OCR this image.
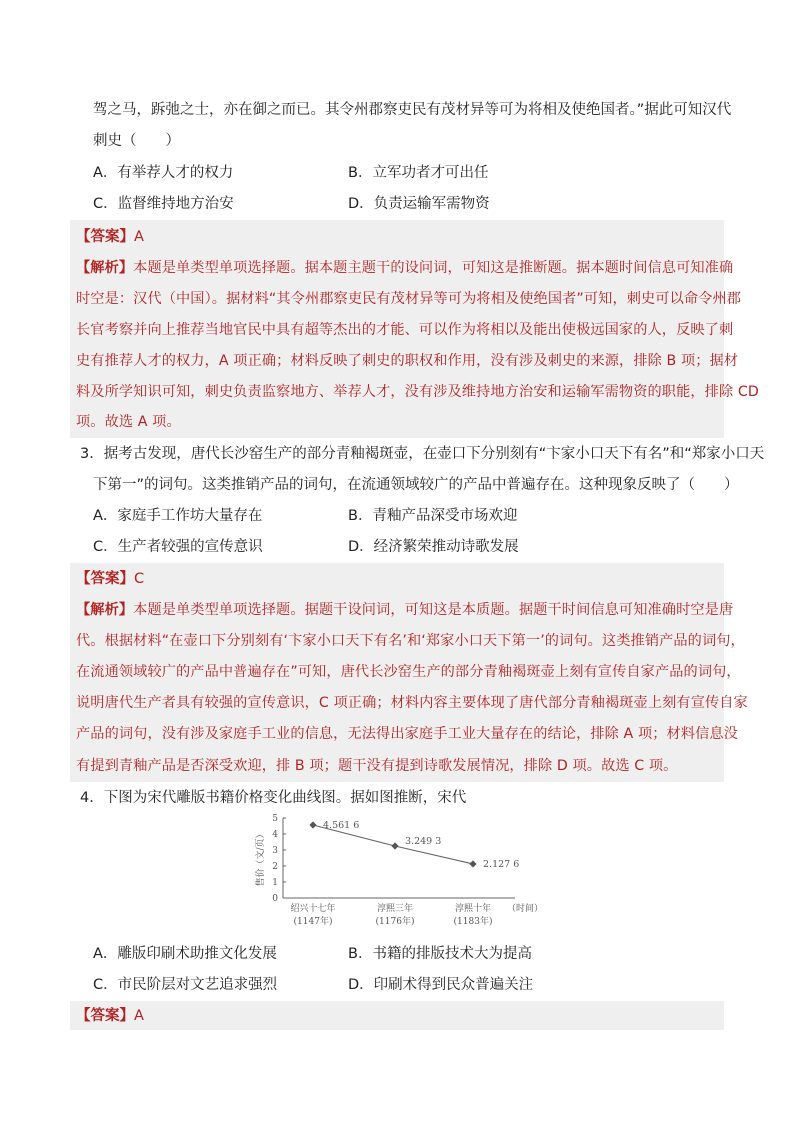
驾之马，跅弛之士，亦在御之而已。其令州郡察吏民有茂材异等可为将相及使绝国者。”据此可知汉代
刺史（　　）
A．有举荐人才的权力	B．立军功者才可出任
C．监督维持地方治安	D．负责运输军需物资
【答案】A
【解析】本题是单类型单项选择题。据本题主题干的设问词，可知这是推断题。据本题时间信息可知准确
时空是：汉代（中国）。据材料“其令州郡察吏民有茂材异等可为将相及使绝国者”可知，刺史可以命令州郡
长官考察并向上推荐当地官民中具有超等杰出的才能、可以作为将相以及能出使极远国家的人，反映了刺
史有推荐人才的权力，A 项正确；材料反映了刺史的职权和作用，没有涉及刺史的来源，排除 B 项；据材
料及所学知识可知，刺史负责监察地方、举荐人才，没有涉及维持地方治安和运输军需物资的职能，排除 CD
项。故选 A 项。
3．据考古发现，唐代长沙窑生产的部分青釉褐斑壶，在壶口下分别刻有“卞家小口天下有名”和“郑家小口天
下第一”的词句。这类推销产品的词句，在流通领域较广的产品中普遍存在。这种现象反映了（　　）
A．家庭手工作坊大量存在	B．青釉产品深受市场欢迎
C．生产者较强的宣传意识	D．经济繁荣推动诗歌发展
【答案】C
【解析】本题是单类型单项选择题。据题干设问词，可知这是本质题。据题干时间信息可知准确时空是唐
代。根据材料“在壶口下分别刻有‘卞家小口天下有名’和‘郑家小口天下第一’的词句。这类推销产品的词句，
在流通领域较广的产品中普遍存在”可知，唐代长沙窑生产的部分青釉褐斑壶上刻有宣传自家产品的词句，
说明唐代生产者具有较强的宣传意识，C 项正确；材料内容主要体现了唐代部分青釉褐斑壶上刻有宣传自家
产品的词句，没有涉及家庭手工业的信息，无法得出家庭手工业大量存在的结论，排除 A 项；材料信息没
有提到青釉产品是否深受欢迎，排 B 项；题干没有提到诗歌发展情况，排除 D 项。故选 C 项。
4．下图为宋代雕版书籍价格变化曲线图。据如图推断，宋代
0
1
2
3
4
5
售价（文/页）
4.561 6
3.249 3
2.127 6
绍兴十七年
(1147年)
淳熙三年
(1176年)
淳熙十年
(1183年)
（时间）
A．雕版印刷术助推文化发展	B．书籍的排版技术大为提高
C．市民阶层对文艺追求强烈	D．印刷术得到民众普遍关注
【答案】A
